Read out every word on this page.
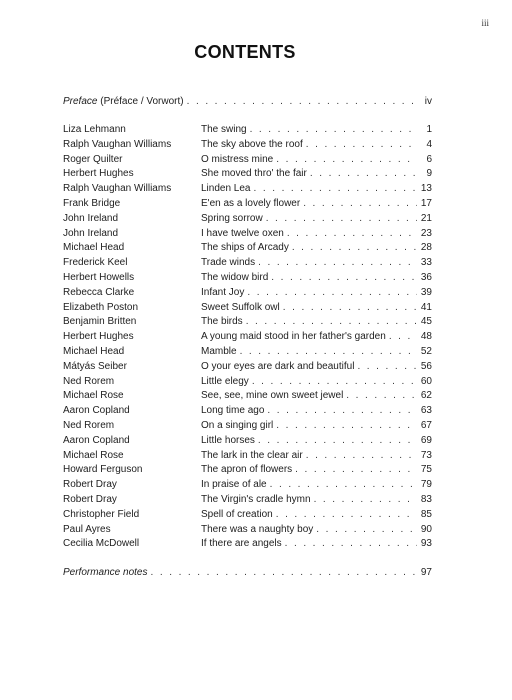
iii
CONTENTS
Preface (Préface / Vorwort) . . .	iv
Liza Lehmann	The swing . . .	1
Ralph Vaughan Williams	The sky above the roof . . .	4
Roger Quilter	O mistress mine . . .	6
Herbert Hughes	She moved thro' the fair . . .	9
Ralph Vaughan Williams	Linden Lea . . .	13
Frank Bridge	E'en as a lovely flower . . .	17
John Ireland	Spring sorrow . . .	21
John Ireland	I have twelve oxen . . .	23
Michael Head	The ships of Arcady . . .	28
Frederick Keel	Trade winds . . .	33
Herbert Howells	The widow bird . . .	36
Rebecca Clarke	Infant Joy . . .	39
Elizabeth Poston	Sweet Suffolk owl . . .	41
Benjamin Britten	The birds . . .	45
Herbert Hughes	A young maid stood in her father's garden . . .	48
Michael Head	Mamble . . .	52
Mátyás Seiber	O your eyes are dark and beautiful . . .	56
Ned Rorem	Little elegy . . .	60
Michael Rose	See, see, mine own sweet jewel . . .	62
Aaron Copland	Long time ago . . .	63
Ned Rorem	On a singing girl . . .	67
Aaron Copland	Little horses . . .	69
Michael Rose	The lark in the clear air . . .	73
Howard Ferguson	The apron of flowers . . .	75
Robert Dray	In praise of ale . . .	79
Robert Dray	The Virgin's cradle hymn . . .	83
Christopher Field	Spell of creation . . .	85
Paul Ayres	There was a naughty boy . . .	90
Cecilia McDowell	If there are angels . . .	93
Performance notes . . .	97
